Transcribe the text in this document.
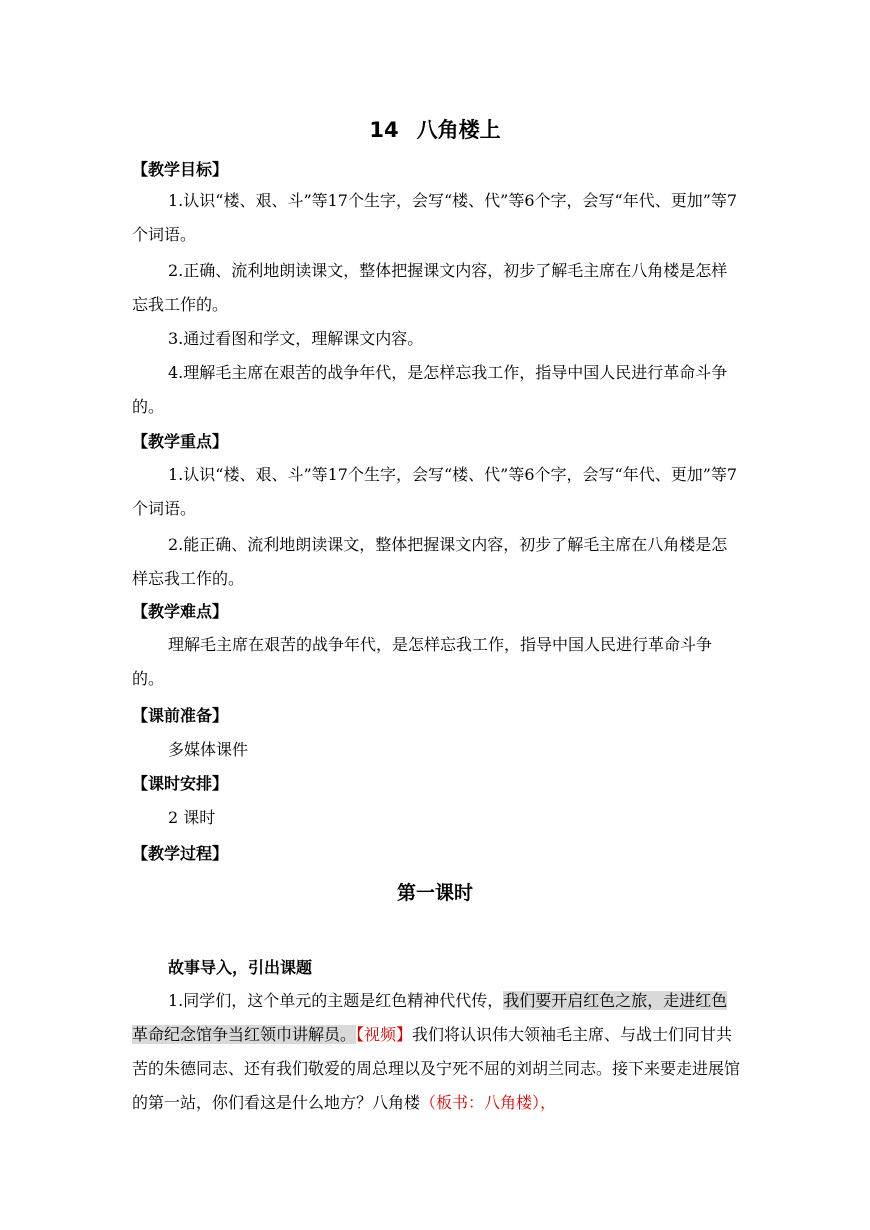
14 八角楼上
【教学目标】
1.认识“楼、艰、斗”等17个生字，会写“楼、代”等6个字，会写“年代、更加”等7个词语。
2.正确、流利地朗读课文，整体把握课文内容，初步了解毛主席在八角楼是怎样忘我工作的。
3.通过看图和学文，理解课文内容。
4.理解毛主席在艰苦的战争年代，是怎样忘我工作，指导中国人民进行革命斗争的。
【教学重点】
1.认识“楼、艰、斗”等17个生字，会写“楼、代”等6个字，会写“年代、更加”等7个词语。
2.能正确、流利地朗读课文，整体把握课文内容，初步了解毛主席在八角楼是怎样忘我工作的。
【教学难点】
理解毛主席在艰苦的战争年代，是怎样忘我工作，指导中国人民进行革命斗争的。
【课前准备】
多媒体课件
【课时安排】
2 课时
【教学过程】
第一课时
故事导入，引出课题
1.同学们，这个单元的主题是红色精神代代传，我们要开启红色之旅，走进红色革命纪念馆争当红领巾讲解员。【视频】我们将认识伟大领袖毛主席、与战士们同甘共苦的朱德同志、还有我们敬爱的周总理以及宁死不屈的刘胡兰同志。接下来要走进展馆的第一站，你们看这是什么地方？八角楼（板书：八角楼），
